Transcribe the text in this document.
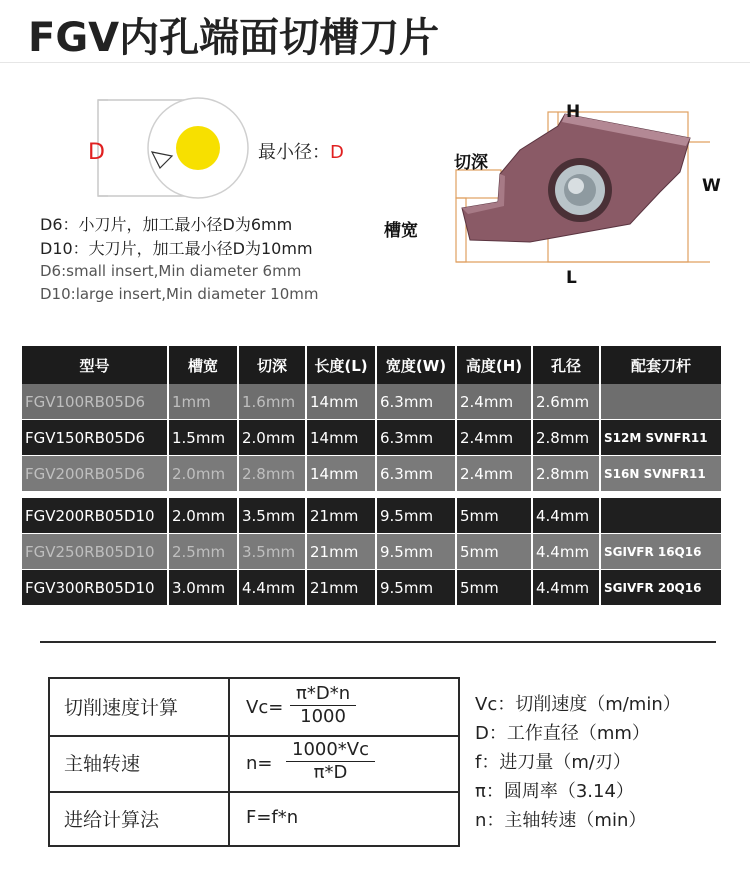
FGV内孔端面切槽刀片
D	最小径：D
D6：小刀片，加工最小径D为6mm
D10：大刀片，加工最小径D为10mm
D6:small insert,Min diameter 6mm
D10:large insert,Min diameter 10mm
H
W
L
切深
槽宽
型号	槽宽	切深	长度(L)	宽度(W)	高度(H)	孔径	配套刀杆
FGV100RB05D6	1mm	1.6mm	14mm	6.3mm	2.4mm	2.6mm	
FGV150RB05D6	1.5mm	2.0mm	14mm	6.3mm	2.4mm	2.8mm	S12M SVNFR11
FGV200RB05D6	2.0mm	2.8mm	14mm	6.3mm	2.4mm	2.8mm	S16N SVNFR11

FGV200RB05D10	2.0mm	3.5mm	21mm	9.5mm	5mm	4.4mm	
FGV250RB05D10	2.5mm	3.5mm	21mm	9.5mm	5mm	4.4mm	SGIVFR 16Q16
FGV300RB05D10	3.0mm	4.4mm	21mm	9.5mm	5mm	4.4mm	SGIVFR 20Q16
切削速度计算	$Vc= \frac{\pi*D*n}{1000}$
主轴转速	$n= \frac{1000*Vc}{\pi*D}$
进给计算法	F=f*n
Vc：切削速度（m/min）
D：工作直径（mm）
f：进刀量（m/刃）
π：圆周率（3.14）
n：主轴转速（min）
